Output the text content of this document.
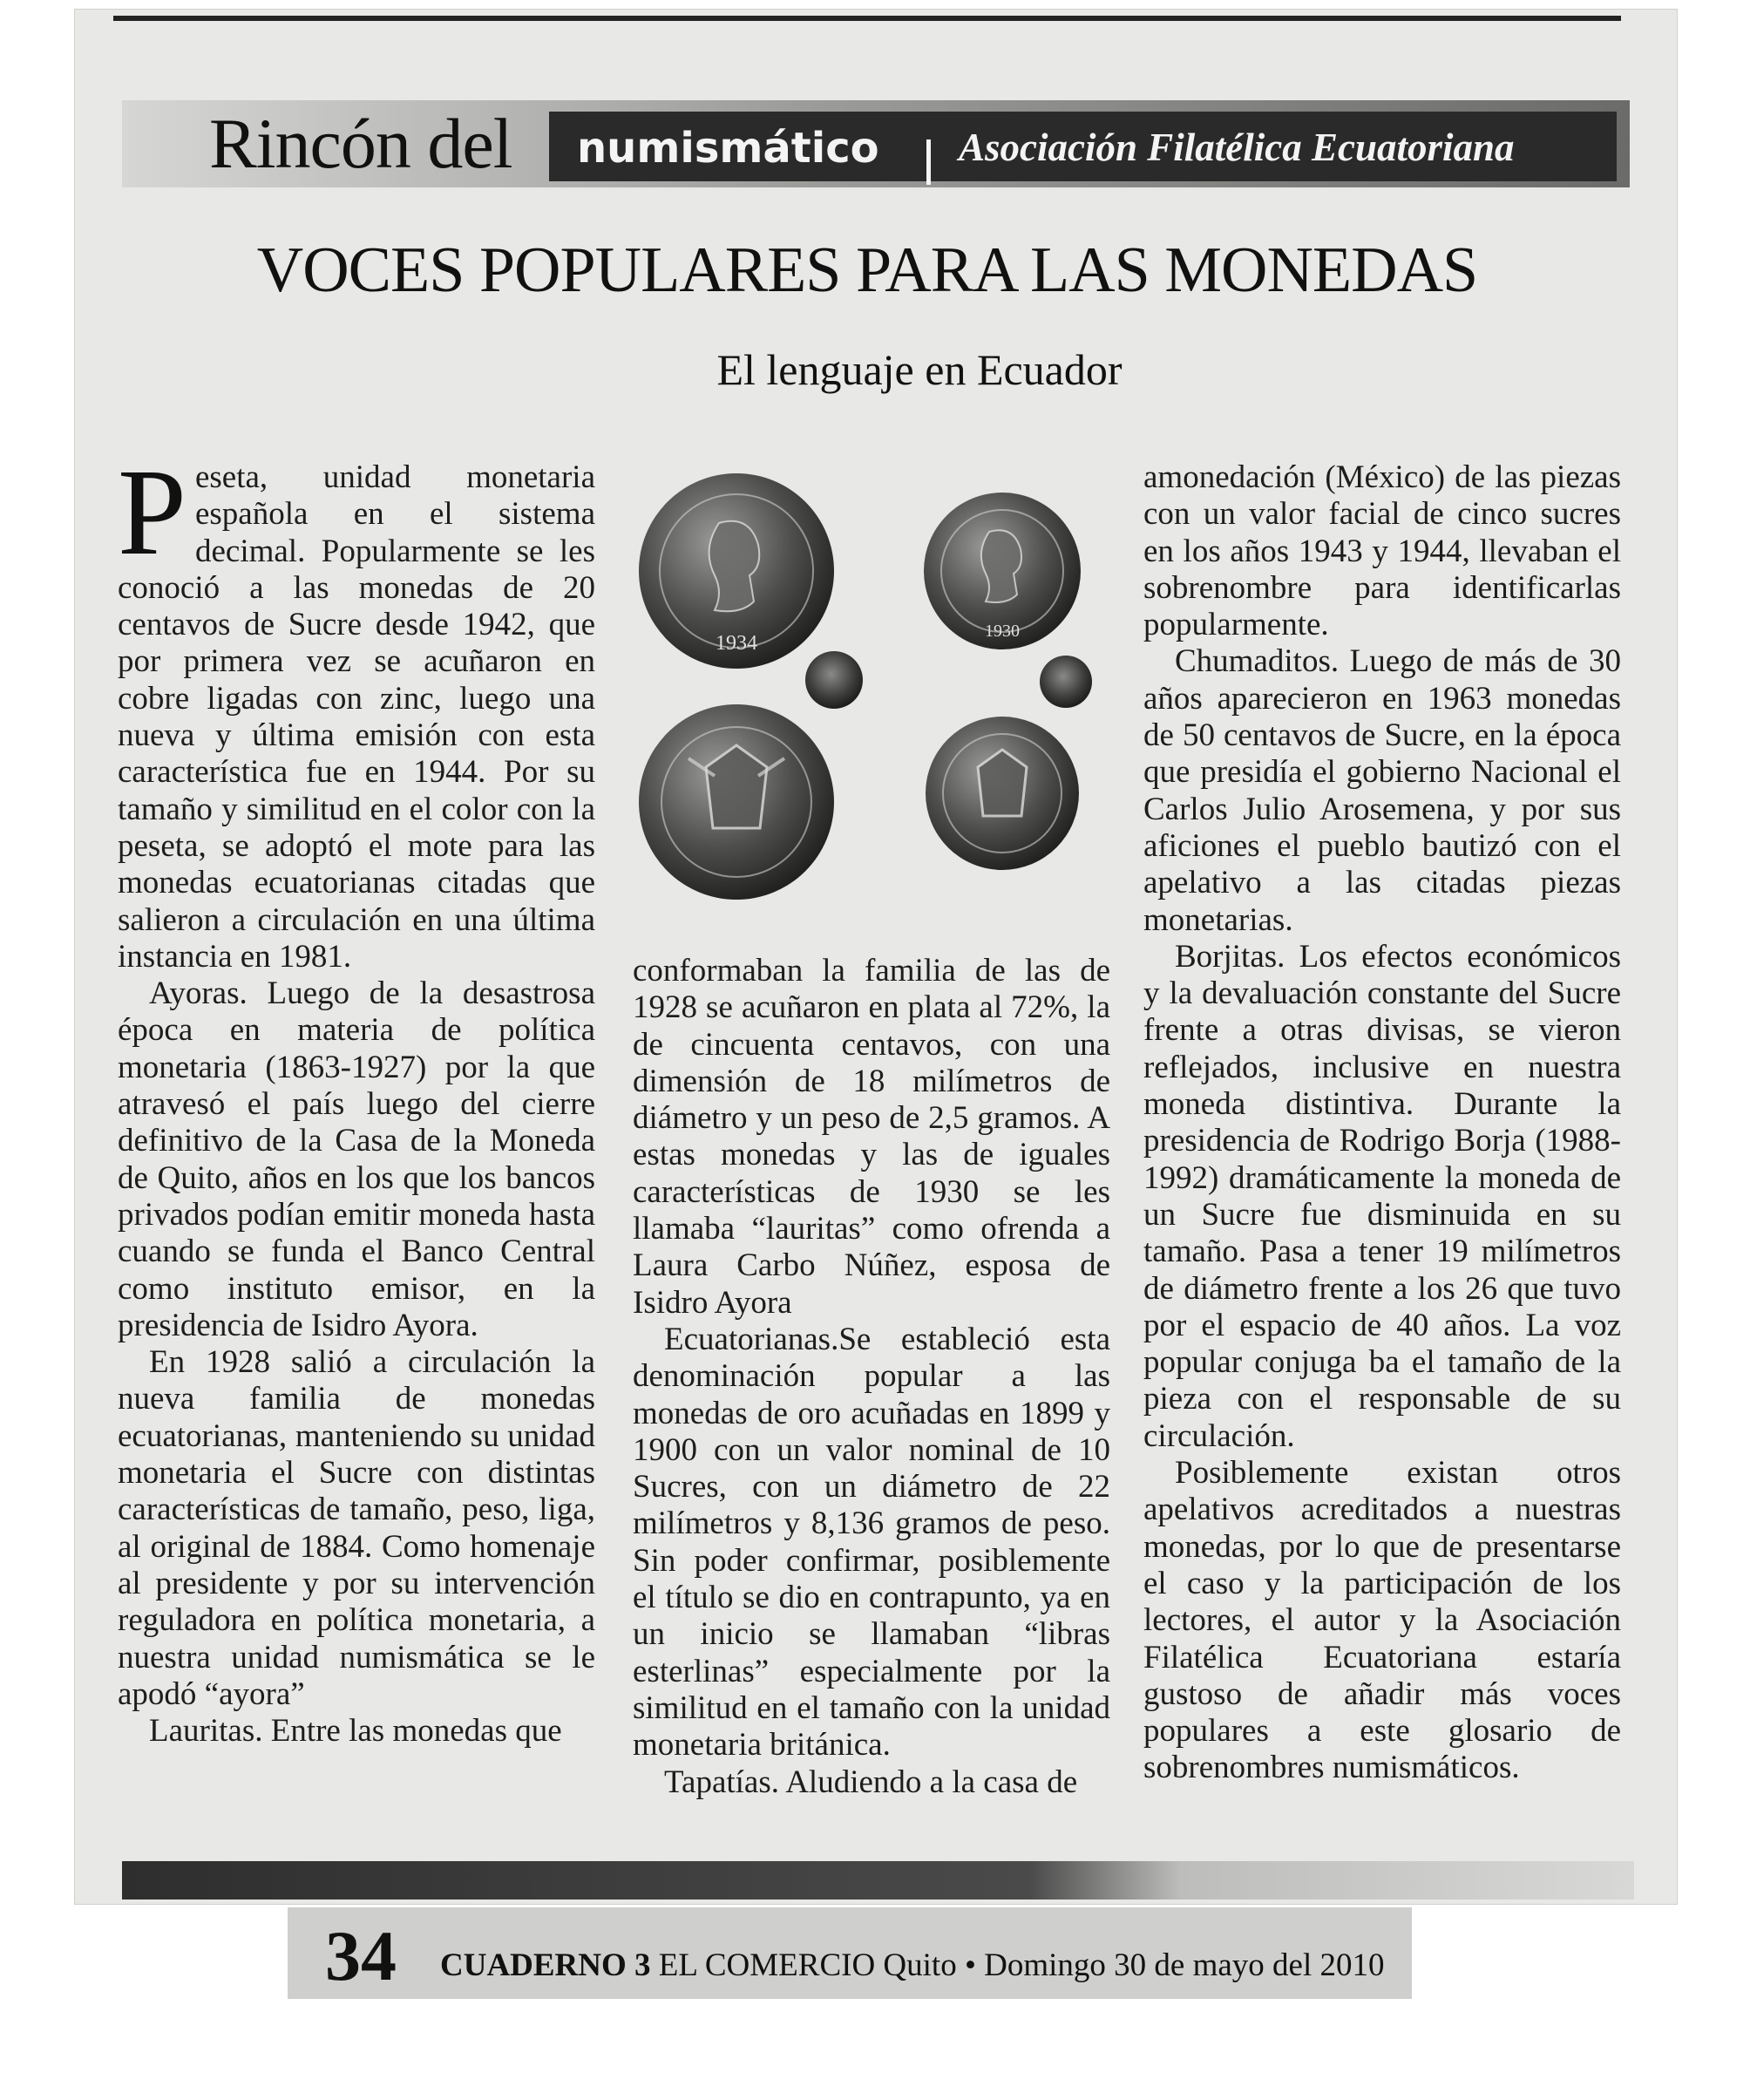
Rincón del numismático Asociación Filatélica Ecuatoriana
VOCES POPULARES PARA LAS MONEDAS
El lenguaje en Ecuador
P eseta, unidad monetaria española en el sistema decimal. Popularmente se les conoció a las monedas de 20 centavos de Sucre desde 1942, que por primera vez se acuñaron en cobre ligadas con zinc, luego una nueva y última emisión con esta característica fue en 1944. Por su tamaño y similitud en el color con la peseta, se adoptó el mote para las monedas ecuatorianas citadas que salieron a circulación en una última instancia en 1981.

Ayoras. Luego de la desastrosa época en materia de política monetaria (1863-1927) por la que atravesó el país luego del cierre definitivo de la Casa de la Moneda de Quito, años en los que los bancos privados podían emitir moneda hasta cuando se funda el Banco Central como instituto emisor, en la presidencia de Isidro Ayora.

En 1928 salió a circulación la nueva familia de monedas ecuatorianas, manteniendo su unidad monetaria el Sucre con distintas características de tamaño, peso, liga, al original de 1884. Como homenaje al presidente y por su intervención reguladora en política monetaria, a nuestra unidad numismática se le apodó “ayora”

Lauritas. Entre las monedas que

1934
1930

conformaban la familia de las de 1928 se acuñaron en plata al 72%, la de cincuenta centavos, con una dimensión de 18 milímetros de diámetro y un peso de 2,5 gramos. A estas monedas y las de iguales características de 1930 se les llamaba “lauritas” como ofrenda a Laura Carbo Núñez, esposa de Isidro Ayora

Ecuatorianas.Se estableció esta denominación popular a las monedas de oro acuñadas en 1899 y 1900 con un valor nominal de 10 Sucres, con un diámetro de 22 milímetros y 8,136 gramos de peso. Sin poder confirmar, posiblemente el título se dio en contrapunto, ya en un inicio se llamaban “libras esterlinas” especialmente por la similitud en el tamaño con la unidad monetaria británica.

Tapatías. Aludiendo a la casa de

amonedación (México) de las piezas con un valor facial de cinco sucres en los años 1943 y 1944, llevaban el sobrenombre para identificarlas popularmente.

Chumaditos. Luego de más de 30 años aparecieron en 1963 monedas de 50 centavos de Sucre, en la época que presidía el gobierno Nacional el Carlos Julio Arosemena, y por sus aficiones el pueblo bautizó con el apelativo a las citadas piezas monetarias.

Borjitas. Los efectos económicos y la devaluación constante del Sucre frente a otras divisas, se vieron reflejados, inclusive en nuestra moneda distintiva. Durante la presidencia de Rodrigo Borja (1988-1992) dramáticamente la moneda de un Sucre fue disminuida en su tamaño. Pasa a tener 19 milímetros de diámetro frente a los 26 que tuvo por el espacio de 40 años. La voz popular conjuga ba el tamaño de la pieza con el responsable de su circulación.

Posiblemente existan otros apelativos acreditados a nuestras monedas, por lo que de presentarse el caso y la participación de los lectores, el autor y la Asociación Filatélica Ecuatoriana estaría gustoso de añadir más voces populares a este glosario de sobrenombres numismáticos.

34 CUADERNO 3 EL COMERCIO Quito • Domingo 30 de mayo del 2010
